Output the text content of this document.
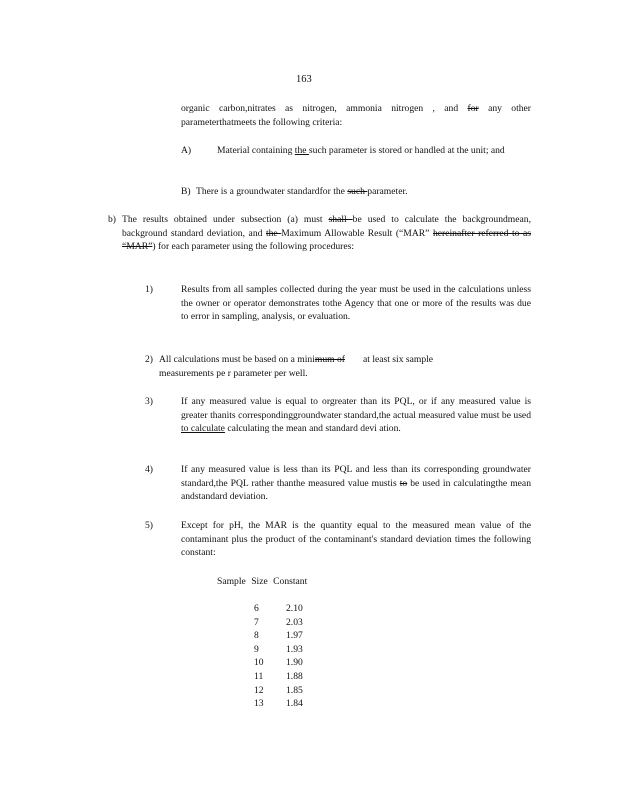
163
organic carbon,nitrates as nitrogen, ammonia nitrogen , and for any other parameterthatmeets the following criteria:
A)	Material containing the such parameter is stored or handled at the unit; and
B) There is a groundwater standardfor the such parameter.
b) The results obtained under subsection (a) must shall be used to calculate the backgroundmean, background standard deviation, and the Maximum Allowable Result (“MAR” hereinafter referred to as “MAR”) for each parameter using the following procedures:
1)	Results from all samples collected during the year must be used in the calculations unless the owner or operator demonstrates tothe Agency that one or more of the results was due to error in sampling, analysis, or evaluation.
2) All calculations must be based on a minimum of at least six sample measurements pe r parameter per well.
3)	If any measured value is equal to orgreater than its PQL, or if any measured value is greater thanits correspondinggroundwater standard,the actual measured value must be used to calculate calculating the mean and standard devi ation.
4)	If any measured value is less than its PQL and less than its corresponding groundwater standard,the PQL rather thanthe measured value mustis to be used in calculatingthe mean andstandard deviation.
5)	Except for pH, the MAR is the quantity equal to the measured mean value of the contaminant plus the product of the contaminant's standard deviation times the following constant:
Sample Size Constant
6	2.10
7	2.03
8	1.97
9	1.93
10	1.90
11	1.88
12	1.85
13	1.84
